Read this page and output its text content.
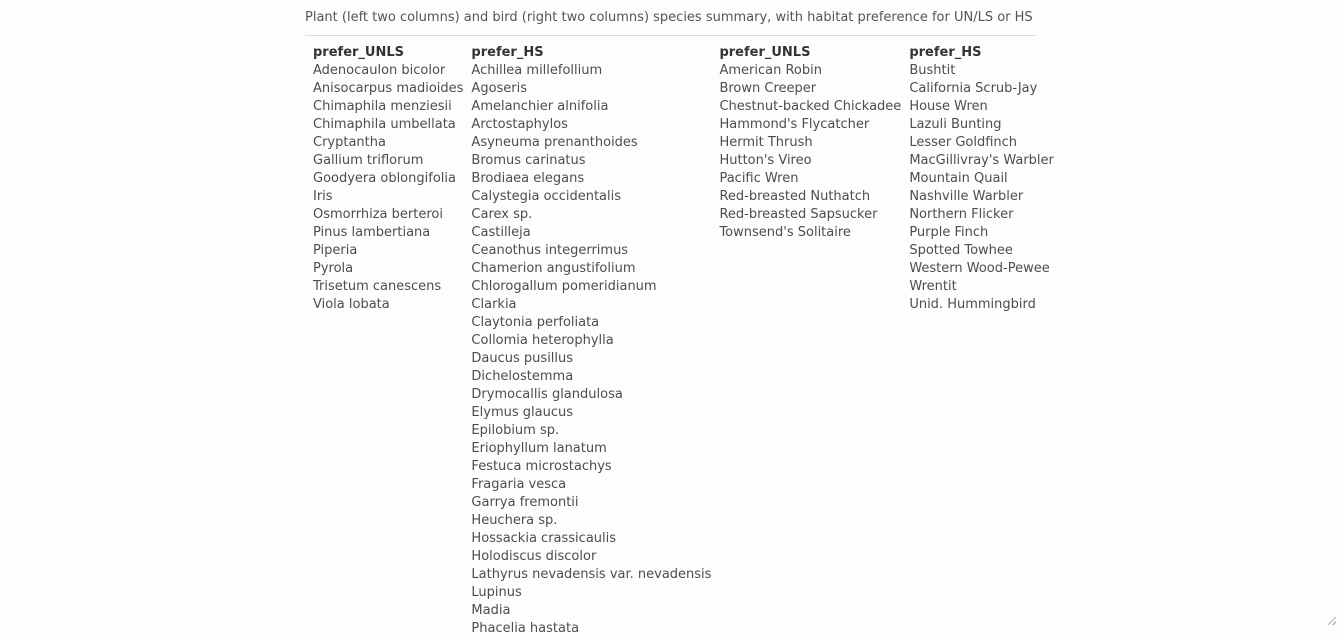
Plant (left two columns) and bird (right two columns) species summary, with habitat preference for UN/LS or HS

prefer_UNLS	prefer_HS	prefer_UNLS	prefer_HS
Adenocaulon bicolor	Achillea millefollium	American Robin	Bushtit
Anisocarpus madioides	Agoseris	Brown Creeper	California Scrub-Jay
Chimaphila menziesii	Amelanchier alnifolia	Chestnut-backed Chickadee	House Wren
Chimaphila umbellata	Arctostaphylos	Hammond's Flycatcher	Lazuli Bunting
Cryptantha	Asyneuma prenanthoides	Hermit Thrush	Lesser Goldfinch
Gallium triflorum	Bromus carinatus	Hutton's Vireo	MacGillivray's Warbler
Goodyera oblongifolia	Brodiaea elegans	Pacific Wren	Mountain Quail
Iris	Calystegia occidentalis	Red-breasted Nuthatch	Nashville Warbler
Osmorrhiza berteroi	Carex sp.	Red-breasted Sapsucker	Northern Flicker
Pinus lambertiana	Castilleja	Townsend's Solitaire	Purple Finch
Piperia	Ceanothus integerrimus		Spotted Towhee
Pyrola	Chamerion angustifolium		Western Wood-Pewee
Trisetum canescens	Chlorogallum pomeridianum		Wrentit
Viola lobata	Clarkia		Unid. Hummingbird
	Claytonia perfoliata		
	Collomia heterophylla		
	Daucus pusillus		
	Dichelostemma		
	Drymocallis glandulosa		
	Elymus glaucus		
	Epilobium sp.		
	Eriophyllum lanatum		
	Festuca microstachys		
	Fragaria vesca		
	Garrya fremontii		
	Heuchera sp.		
	Hossackia crassicaulis		
	Holodiscus discolor		
	Lathyrus nevadensis var. nevadensis		
	Lupinus		
	Madia		
	Phacelia hastata		
